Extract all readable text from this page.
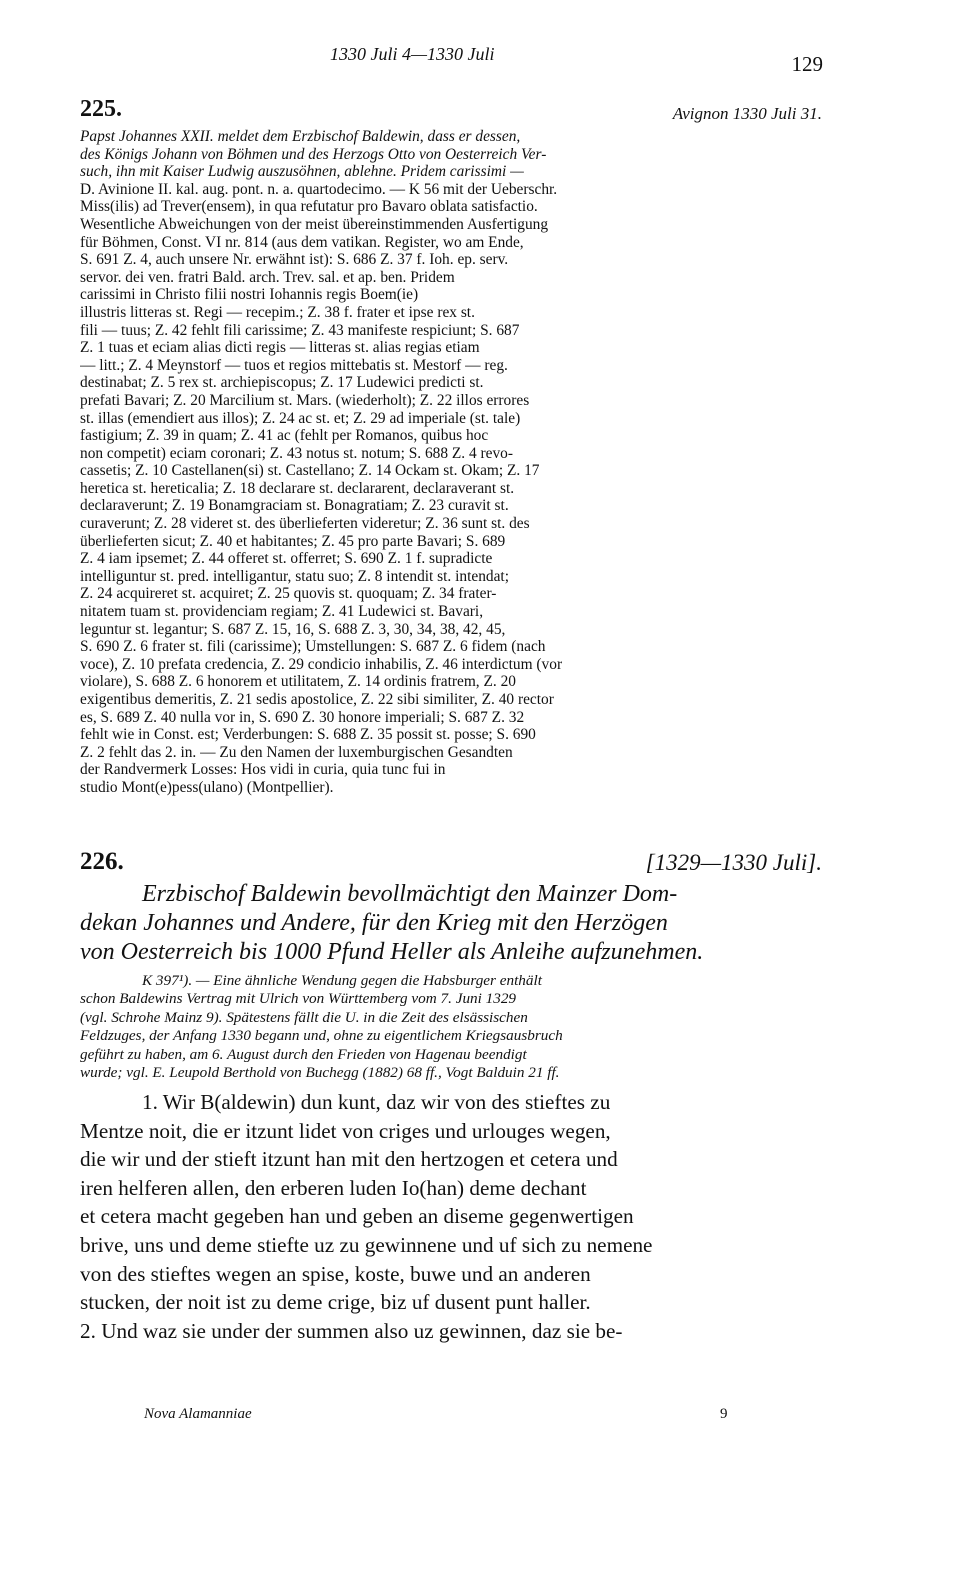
1330 Juli 4—1330 Juli	129
225.	Avignon 1330 Juli 31.
Papst Johannes XXII. meldet dem Erzbischof Baldewin, dass er dessen,
des Königs Johann von Böhmen und des Herzogs Otto von Oesterreich Ver-
such, ihn mit Kaiser Ludwig auszusöhnen, ablehne. Pridem carissimi —
D. Avinione II. kal. aug. pont. n. a. quartodecimo. — K 56 mit der Ueberschr.
Miss(ilis) ad Trever(ensem), in qua refutatur pro Bavaro oblata satisfactio.
Wesentliche Abweichungen von der meist übereinstimmenden Ausfertigung
für Böhmen, Const. VI nr. 814 (aus dem vatikan. Register, wo am Ende,
S. 691 Z. 4, auch unsere Nr. erwähnt ist): S. 686 Z. 37 f. Ioh. ep. serv.
servor. dei ven. fratri Bald. arch. Trev. sal. et ap. ben. Pridem
carissimi in Christo filii nostri Iohannis regis Boem(ie)
illustris litteras st. Regi — recepim.; Z. 38 f. frater et ipse rex st.
fili — tuus; Z. 42 fehlt fili carissime; Z. 43 manifeste respiciunt; S. 687
Z. 1 tuas et eciam alias dicti regis — litteras st. alias regias etiam
— litt.; Z. 4 Meynstorf — tuos et regios mittebatis st. Mestorf — reg.
destinabat; Z. 5 rex st. archiepiscopus; Z. 17 Ludewici predicti st.
prefati Bavari; Z. 20 Marcilium st. Mars. (wiederholt); Z. 22 illos errores
st. illas (emendiert aus illos); Z. 24 ac st. et; Z. 29 ad imperiale (st. tale)
fastigium; Z. 39 in quam; Z. 41 ac (fehlt per Romanos, quibus hoc
non competit) eciam coronari; Z. 43 notus st. notum; S. 688 Z. 4 revo-
cassetis; Z. 10 Castellanen(si) st. Castellano; Z. 14 Ockam st. Okam; Z. 17
heretica st. hereticalia; Z. 18 declarare st. declararent, declaraverant st.
declaraverunt; Z. 19 Bonamgraciam st. Bonagratiam; Z. 23 curavit st.
curaverunt; Z. 28 videret st. des überlieferten videretur; Z. 36 sunt st. des
überlieferten sicut; Z. 40 et habitantes; Z. 45 pro parte Bavari; S. 689
Z. 4 iam ipsemet; Z. 44 offeret st. offerret; S. 690 Z. 1 f. supradicte
intelliguntur st. pred. intelligantur, statu suo; Z. 8 intendit st. intendat;
Z. 24 acquireret st. acquiret; Z. 25 quovis st. quoquam; Z. 34 frater-
nitatem tuam st. providenciam regiam; Z. 41 Ludewici st. Bavari,
leguntur st. legantur; S. 687 Z. 15, 16, S. 688 Z. 3, 30, 34, 38, 42, 45,
S. 690 Z. 6 frater st. fili (carissime); Umstellungen: S. 687 Z. 6 fidem (nach
voce), Z. 10 prefata credencia, Z. 29 condicio inhabilis, Z. 46 interdictum (vor
violare), S. 688 Z. 6 honorem et utilitatem, Z. 14 ordinis fratrem, Z. 20
exigentibus demeritis, Z. 21 sedis apostolice, Z. 22 sibi similiter, Z. 40 rector
es, S. 689 Z. 40 nulla vor in, S. 690 Z. 30 honore imperiali; S. 687 Z. 32
fehlt wie in Const. est; Verderbungen: S. 688 Z. 35 possit st. posse; S. 690
Z. 2 fehlt das 2. in. — Zu den Namen der luxemburgischen Gesandten
der Randvermerk Losses: Hos vidi in curia, quia tunc fui in
studio Mont(e)pess(ulano) (Montpellier).
226.	[1329—1330 Juli].
Erzbischof Baldewin bevollmächtigt den Mainzer Dom-
dekan Johannes und Andere, für den Krieg mit den Herzögen
von Oesterreich bis 1000 Pfund Heller als Anleihe aufzunehmen.
K 397¹). — Eine ähnliche Wendung gegen die Habsburger enthält
schon Baldewins Vertrag mit Ulrich von Württemberg vom 7. Juni 1329
(vgl. Schrohe Mainz 9). Spätestens fällt die U. in die Zeit des elsässischen
Feldzuges, der Anfang 1330 begann und, ohne zu eigentlichem Kriegsausbruch
geführt zu haben, am 6. August durch den Frieden von Hagenau beendigt
wurde; vgl. E. Leupold Berthold von Buchegg (1882) 68 ff., Vogt Balduin 21 ff.
1. Wir B(aldewin) dun kunt, daz wir von des stieftes zu
Mentze noit, die er itzunt lidet von criges und urlouges wegen,
die wir und der stieft itzunt han mit den hertzogen et cetera und
iren helferen allen, den erberen luden Io(han) deme dechant
et cetera macht gegeben han und geben an diseme gegenwertigen
brive, uns und deme stiefte uz zu gewinnene und uf sich zu nemene
von des stieftes wegen an spise, koste, buwe und an anderen
stucken, der noit ist zu deme crige, biz uf dusent punt haller.
2. Und waz sie under der summen also uz gewinnen, daz sie be-
Nova Alamanniae	9
